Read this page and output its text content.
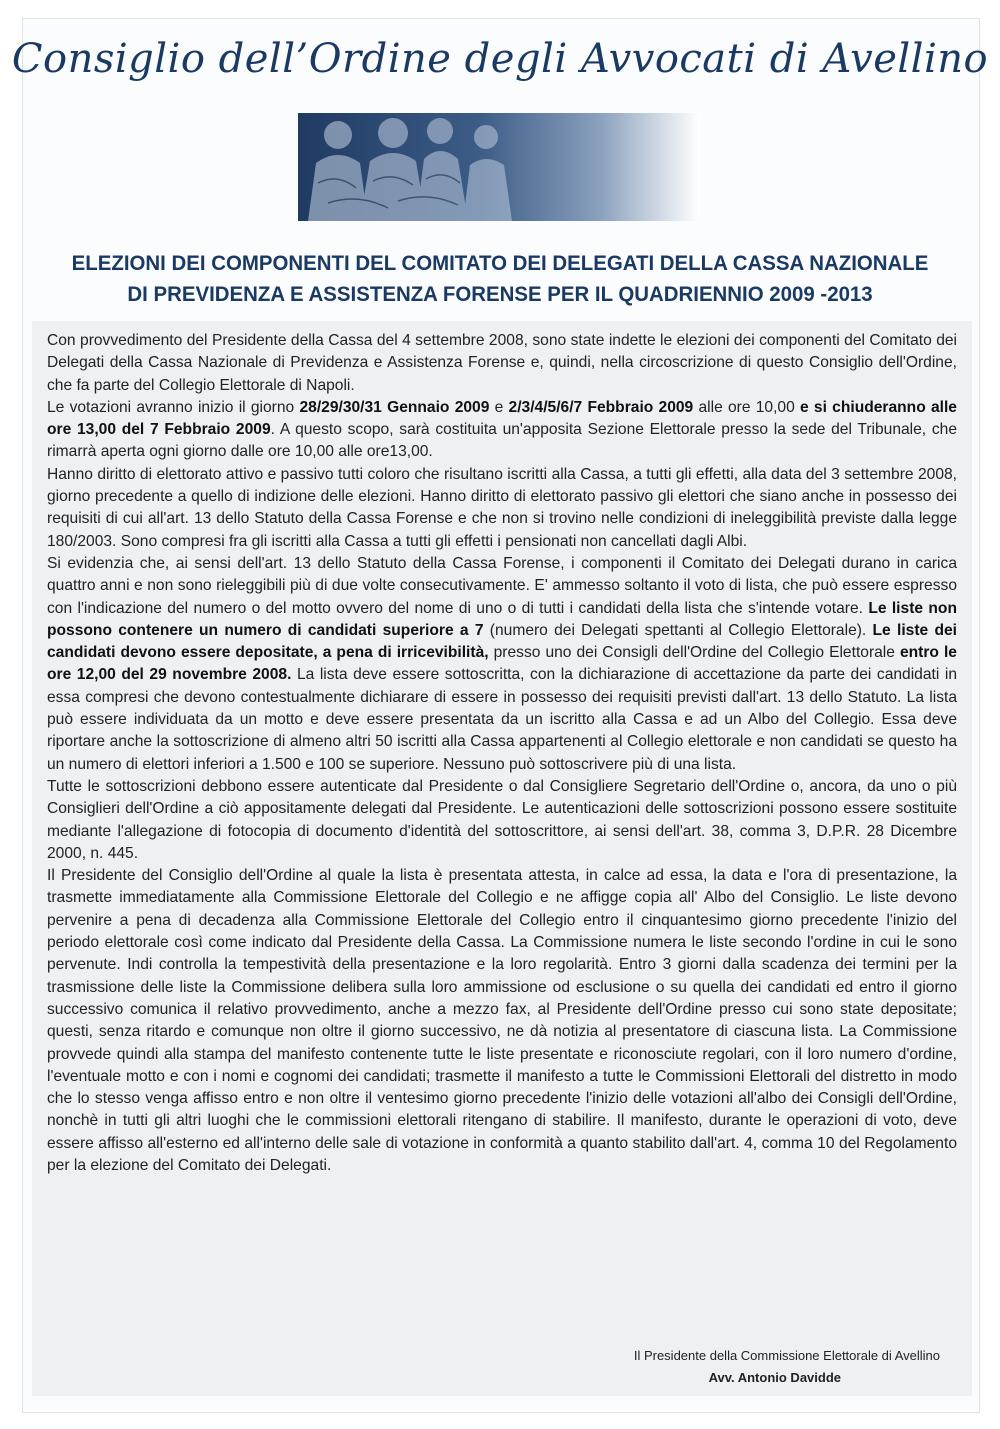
Consiglio dell’Ordine degli Avvocati di Avellino
ELEZIONI DEI COMPONENTI DEL COMITATO DEI DELEGATI DELLA CASSA NAZIONALE
DI PREVIDENZA E ASSISTENZA FORENSE PER IL QUADRIENNIO 2009 -2013

Con provvedimento del Presidente della Cassa del 4 settembre 2008, sono state indette le elezioni dei componenti del Comitato dei Delegati della Cassa Nazionale di Previdenza e Assistenza Forense e, quindi, nella circoscrizione di questo Consiglio dell'Ordine, che fa parte del Collegio Elettorale di Napoli.

Le votazioni avranno inizio il giorno 28/29/30/31 Gennaio 2009 e 2/3/4/5/6/7 Febbraio 2009 alle ore 10,00 e si chiuderanno alle ore 13,00 del 7 Febbraio 2009. A questo scopo, sarà costituita un'apposita Sezione Elettorale presso la sede del Tribunale, che rimarrà aperta ogni giorno dalle ore 10,00 alle ore13,00.

Hanno diritto di elettorato attivo e passivo tutti coloro che risultano iscritti alla Cassa, a tutti gli effetti, alla data del 3 settembre 2008, giorno precedente a quello di indizione delle elezioni. Hanno diritto di elettorato passivo gli elettori che siano anche in possesso dei requisiti di cui all'art. 13 dello Statuto della Cassa Forense e che non si trovino nelle condizioni di ineleggibilità previste dalla legge 180/2003. Sono compresi fra gli iscritti alla Cassa a tutti gli effetti i pensionati non cancellati dagli Albi.

Si evidenzia che, ai sensi dell'art. 13 dello Statuto della Cassa Forense, i componenti il Comitato dei Delegati durano in carica quattro anni e non sono rieleggibili più di due volte consecutivamente. E' ammesso soltanto il voto di lista, che può essere espresso con l'indicazione del numero o del motto ovvero del nome di uno o di tutti i candidati della lista che s'intende votare. Le liste non possono contenere un numero di candidati superiore a 7 (numero dei Delegati spettanti al Collegio Elettorale). Le liste dei candidati devono essere depositate, a pena di irricevibilità, presso uno dei Consigli dell'Ordine del Collegio Elettorale entro le ore 12,00 del 29 novembre 2008. La lista deve essere sottoscritta, con la dichiarazione di accettazione da parte dei candidati in essa compresi che devono contestualmente dichiarare di essere in possesso dei requisiti previsti dall'art. 13 dello Statuto. La lista può essere individuata da un motto e deve essere presentata da un iscritto alla Cassa e ad un Albo del Collegio. Essa deve riportare anche la sottoscrizione di almeno altri 50 iscritti alla Cassa appartenenti al Collegio elettorale e non candidati se questo ha un numero di elettori inferiori a 1.500 e 100 se superiore. Nessuno può sottoscrivere più di una lista.

Tutte le sottoscrizioni debbono essere autenticate dal Presidente o dal Consigliere Segretario dell'Ordine o, ancora, da uno o più Consiglieri dell'Ordine a ciò appositamente delegati dal Presidente. Le autenticazioni delle sottoscrizioni possono essere sostituite mediante l'allegazione di fotocopia di documento d'identità del sottoscrittore, ai sensi dell'art. 38, comma 3, D.P.R. 28 Dicembre 2000, n. 445.

Il Presidente del Consiglio dell'Ordine al quale la lista è presentata attesta, in calce ad essa, la data e l'ora di presentazione, la trasmette immediatamente alla Commissione Elettorale del Collegio e ne affigge copia all' Albo del Consiglio. Le liste devono pervenire a pena di decadenza alla Commissione Elettorale del Collegio entro il cinquantesimo giorno precedente l'inizio del periodo elettorale così come indicato dal Presidente della Cassa. La Commissione numera le liste secondo l'ordine in cui le sono pervenute. Indi controlla la tempestività della presentazione e la loro regolarità. Entro 3 giorni dalla scadenza dei termini per la trasmissione delle liste la Commissione delibera sulla loro ammissione od esclusione o su quella dei candidati ed entro il giorno successivo comunica il relativo provvedimento, anche a mezzo fax, al Presidente dell'Ordine presso cui sono state depositate; questi, senza ritardo e comunque non oltre il giorno successivo, ne dà notizia al presentatore di ciascuna lista. La Commissione provvede quindi alla stampa del manifesto contenente tutte le liste presentate e riconosciute regolari, con il loro numero d'ordine, l'eventuale motto e con i nomi e cognomi dei candidati; trasmette il manifesto a tutte le Commissioni Elettorali del distretto in modo che lo stesso venga affisso entro e non oltre il ventesimo giorno precedente l'inizio delle votazioni all'albo dei Consigli dell'Ordine, nonchè in tutti gli altri luoghi che le commissioni elettorali ritengano di stabilire. Il manifesto, durante le operazioni di voto, deve essere affisso all'esterno ed all'interno delle sale di votazione in conformità a quanto stabilito dall'art. 4, comma 10 del Regolamento per la elezione del Comitato dei Delegati.

Il Presidente della Commissione Elettorale di Avellino
Avv. Antonio Davidde
